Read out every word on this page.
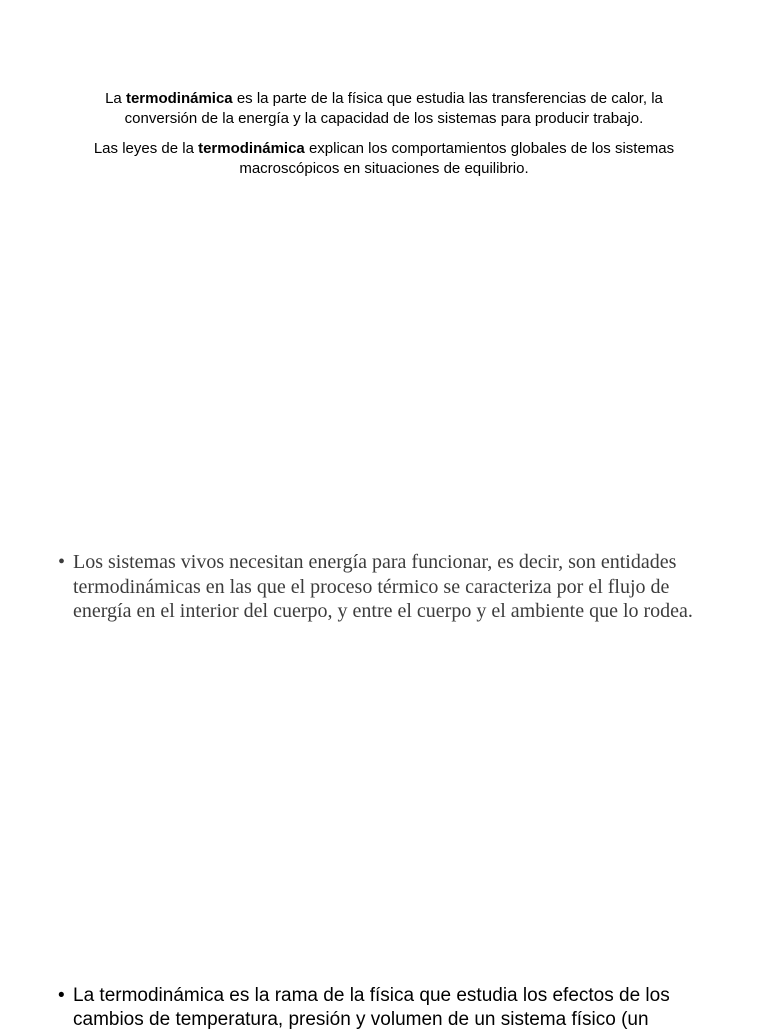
La termodinámica es la parte de la física que estudia las transferencias de calor, la conversión de la energía y la capacidad de los sistemas para producir trabajo.

Las leyes de la termodinámica explican los comportamientos globales de los sistemas macroscópicos en situaciones de equilibrio.

• Los sistemas vivos necesitan energía para funcionar, es decir, son entidades termodinámicas en las que el proceso térmico se caracteriza por el flujo de energía en el interior del cuerpo, y entre el cuerpo y el ambiente que lo rodea.
• La termodinámica es la rama de la física que estudia los efectos de los cambios de temperatura, presión y volumen de un sistema físico (un
